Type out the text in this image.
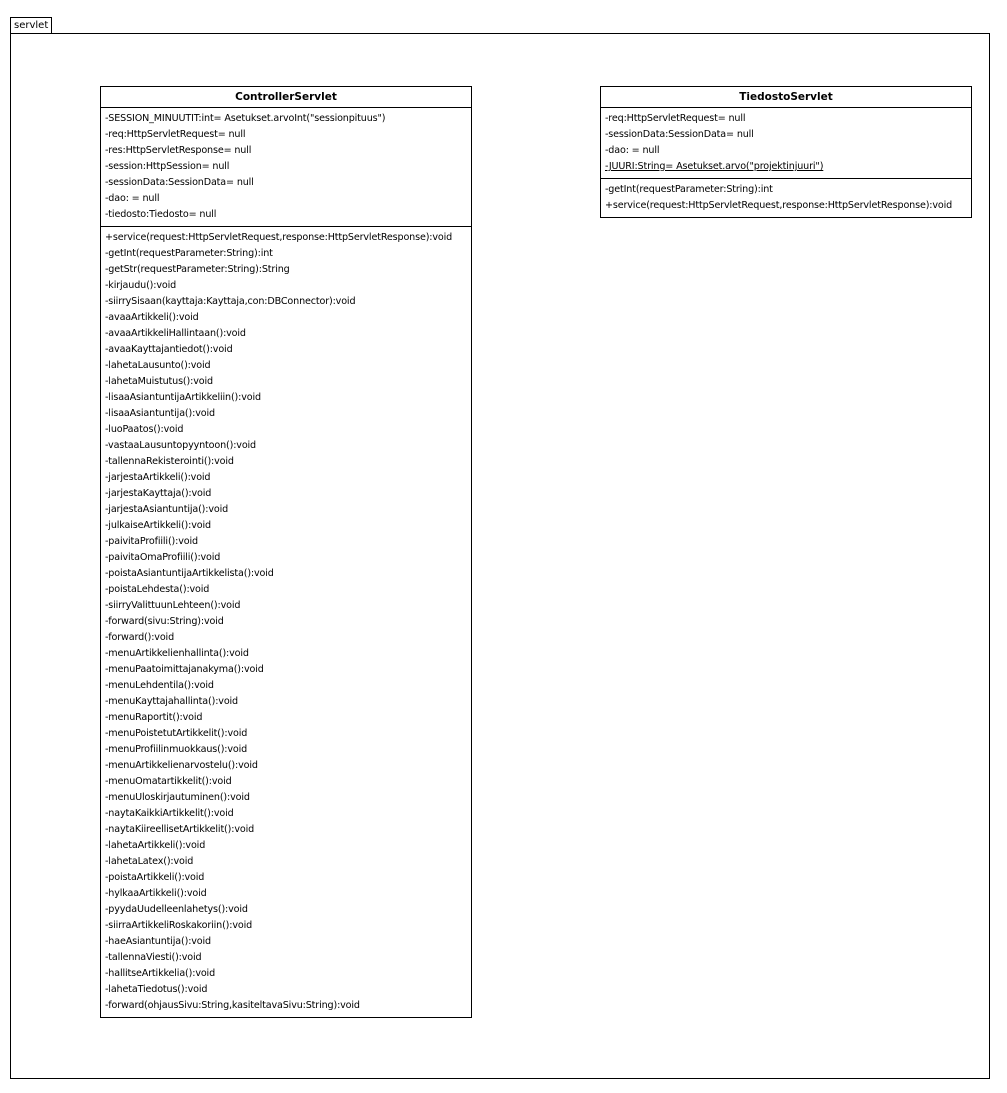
servlet
ControllerServlet
-SESSION_MINUUTIT:int= Asetukset.arvoInt("sessionpituus")
-req:HttpServletRequest= null
-res:HttpServletResponse= null
-session:HttpSession= null
-sessionData:SessionData= null
-dao: = null
-tiedosto:Tiedosto= null
+service(request:HttpServletRequest,response:HttpServletResponse):void
-getInt(requestParameter:String):int
-getStr(requestParameter:String):String
-kirjaudu():void
-siirrySisaan(kayttaja:Kayttaja,con:DBConnector):void
-avaaArtikkeli():void
-avaaArtikkeliHallintaan():void
-avaaKayttajantiedot():void
-lahetaLausunto():void
-lahetaMuistutus():void
-lisaaAsiantuntijaArtikkeliin():void
-lisaaAsiantuntija():void
-luoPaatos():void
-vastaaLausuntopyyntoon():void
-tallennaRekisterointi():void
-jarjestaArtikkeli():void
-jarjestaKayttaja():void
-jarjestaAsiantuntija():void
-julkaiseArtikkeli():void
-paivitaProfiili():void
-paivitaOmaProfiili():void
-poistaAsiantuntijaArtikkelista():void
-poistaLehdesta():void
-siirryValittuunLehteen():void
-forward(sivu:String):void
-forward():void
-menuArtikkelienhallinta():void
-menuPaatoimittajanakyma():void
-menuLehdentila():void
-menuKayttajahallinta():void
-menuRaportit():void
-menuPoistetutArtikkelit():void
-menuProfiilinmuokkaus():void
-menuArtikkelienarvostelu():void
-menuOmatartikkelit():void
-menuUloskirjautuminen():void
-naytaKaikkiArtikkelit():void
-naytaKiireellisetArtikkelit():void
-lahetaArtikkeli():void
-lahetaLatex():void
-poistaArtikkeli():void
-hylkaaArtikkeli():void
-pyydaUudelleenlahetys():void
-siirraArtikkeliRoskakoriin():void
-haeAsiantuntija():void
-tallennaViesti():void
-hallitseArtikkelia():void
-lahetaTiedotus():void
-forward(ohjausSivu:String,kasiteltavaSivu:String):void
TiedostoServlet
-req:HttpServletRequest= null
-sessionData:SessionData= null
-dao: = null
-JUURI:String= Asetukset.arvo("projektinjuuri")
-getInt(requestParameter:String):int
+service(request:HttpServletRequest,response:HttpServletResponse):void
